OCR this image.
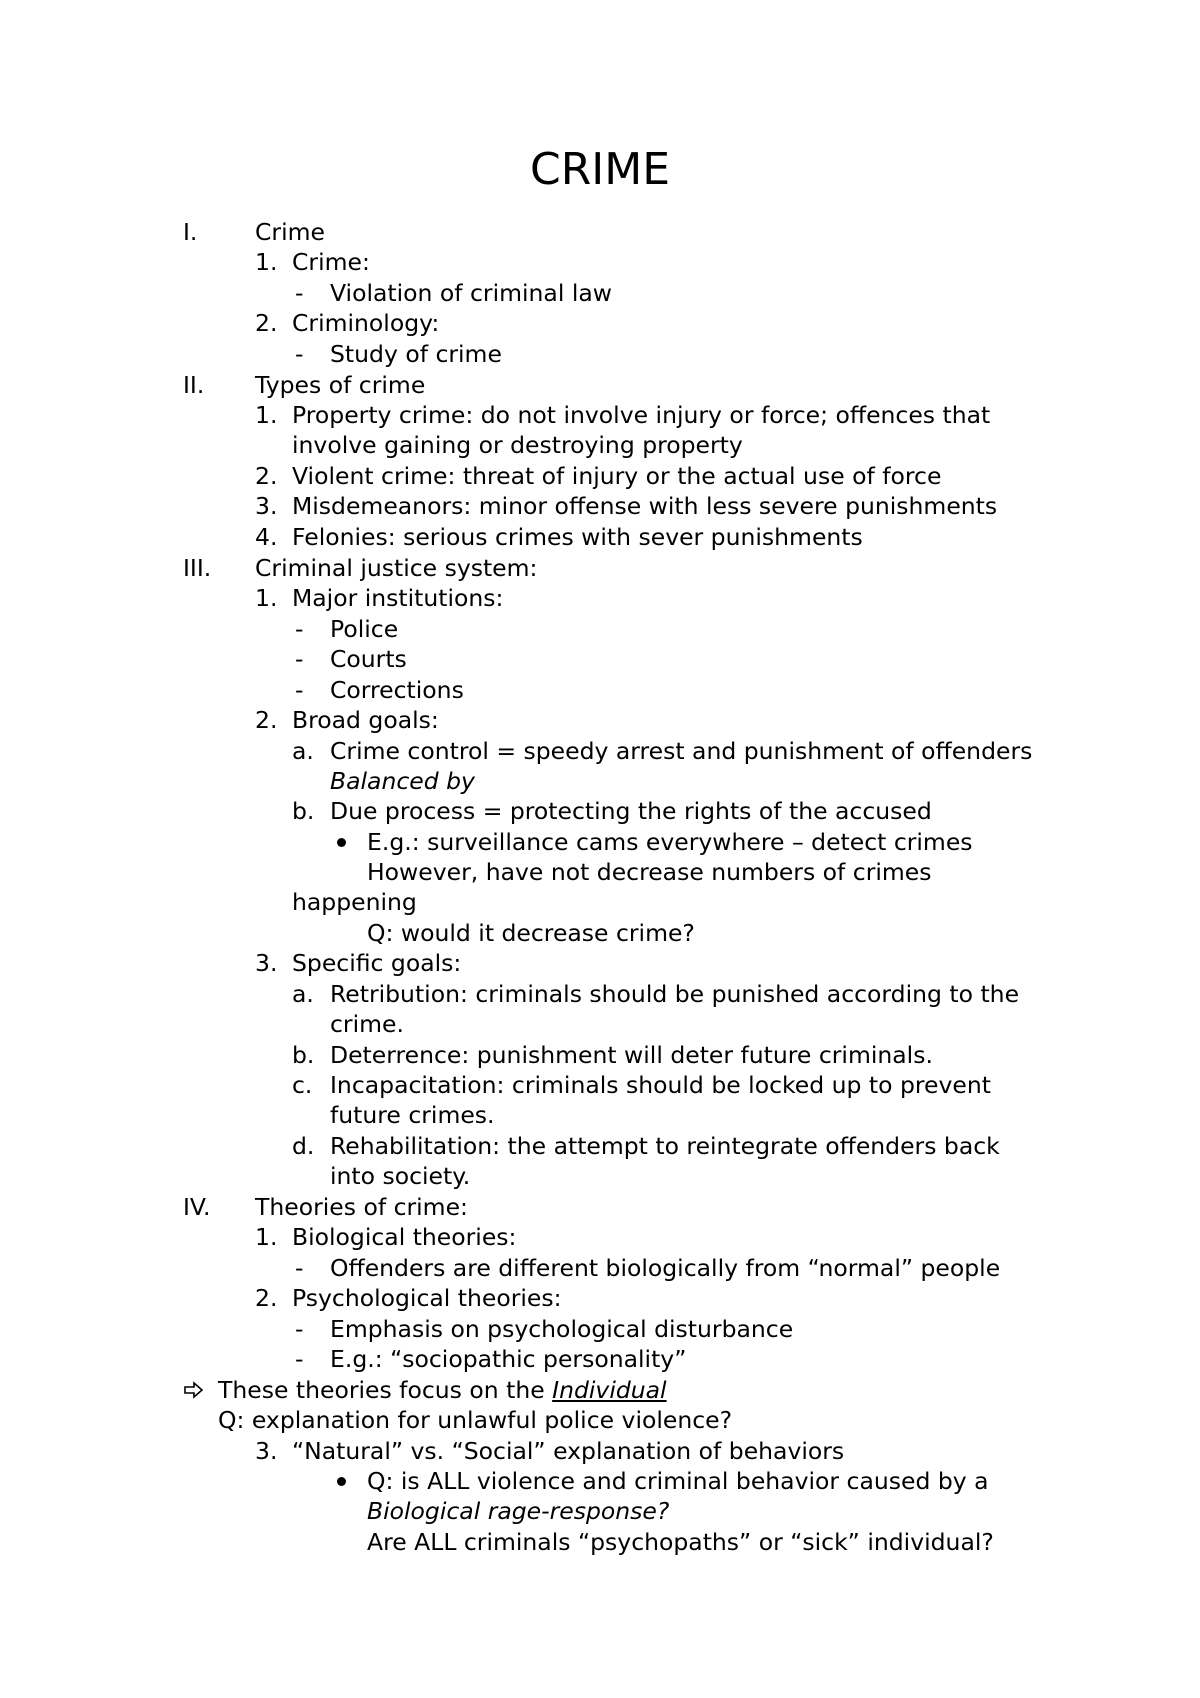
CRIME
I. Crime
1. Crime:
- Violation of criminal law
2. Criminology:
- Study of crime
II. Types of crime
1. Property crime: do not involve injury or force; offences that
involve gaining or destroying property
2. Violent crime: threat of injury or the actual use of force
3. Misdemeanors: minor offense with less severe punishments
4. Felonies: serious crimes with sever punishments
III. Criminal justice system:
1. Major institutions:
- Police
- Courts
- Corrections
2. Broad goals:
a. Crime control = speedy arrest and punishment of offenders
Balanced by
b. Due process = protecting the rights of the accused
E.g.: surveillance cams everywhere – detect crimes
However, have not decrease numbers of crimes
happening
Q: would it decrease crime?
3. Specific goals:
a. Retribution: criminals should be punished according to the
crime.
b. Deterrence: punishment will deter future criminals.
c. Incapacitation: criminals should be locked up to prevent
future crimes.
d. Rehabilitation: the attempt to reintegrate offenders back
into society.
IV. Theories of crime:
1. Biological theories:
- Offenders are different biologically from “normal” people
2. Psychological theories:
- Emphasis on psychological disturbance
- E.g.: “sociopathic personality”
These theories focus on the Individual
Q: explanation for unlawful police violence?
3. “Natural” vs. “Social” explanation of behaviors
Q: is ALL violence and criminal behavior caused by a
Biological rage-response?
Are ALL criminals “psychopaths” or “sick” individual?
